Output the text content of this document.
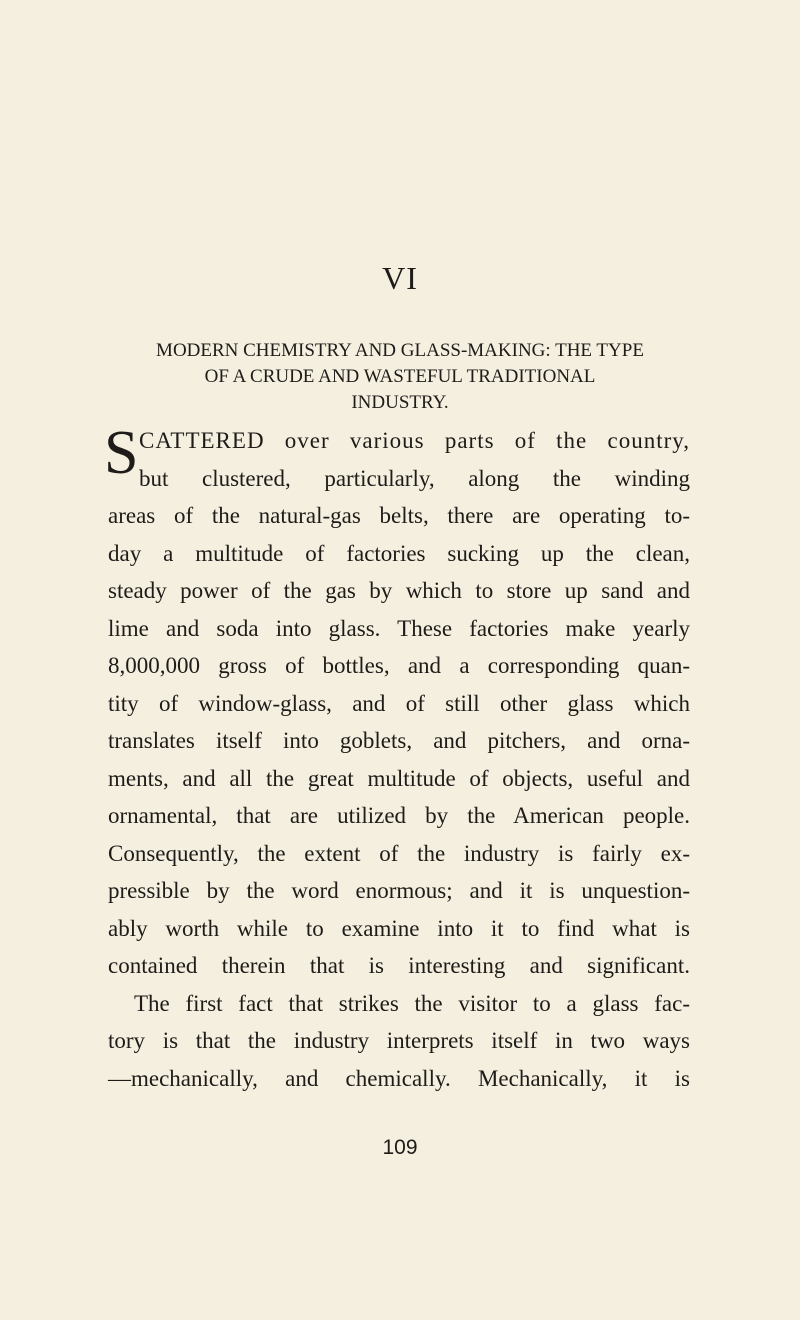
VI
MODERN CHEMISTRY AND GLASS-MAKING: THE TYPE
OF A CRUDE AND WASTEFUL TRADITIONAL
INDUSTRY.
S CATTERED over various parts of the country,
but clustered, particularly, along the winding
areas of the natural-gas belts, there are operating to-
day a multitude of factories sucking up the clean,
steady power of the gas by which to store up sand and
lime and soda into glass. These factories make yearly
8,000,000 gross of bottles, and a corresponding quan-
tity of window-glass, and of still other glass which
translates itself into goblets, and pitchers, and orna-
ments, and all the great multitude of objects, useful and
ornamental, that are utilized by the American people.
Consequently, the extent of the industry is fairly ex-
pressible by the word enormous; and it is unquestion-
ably worth while to examine into it to find what is
contained therein that is interesting and significant.
The first fact that strikes the visitor to a glass fac-
tory is that the industry interprets itself in two ways
—mechanically, and chemically. Mechanically, it is
109
